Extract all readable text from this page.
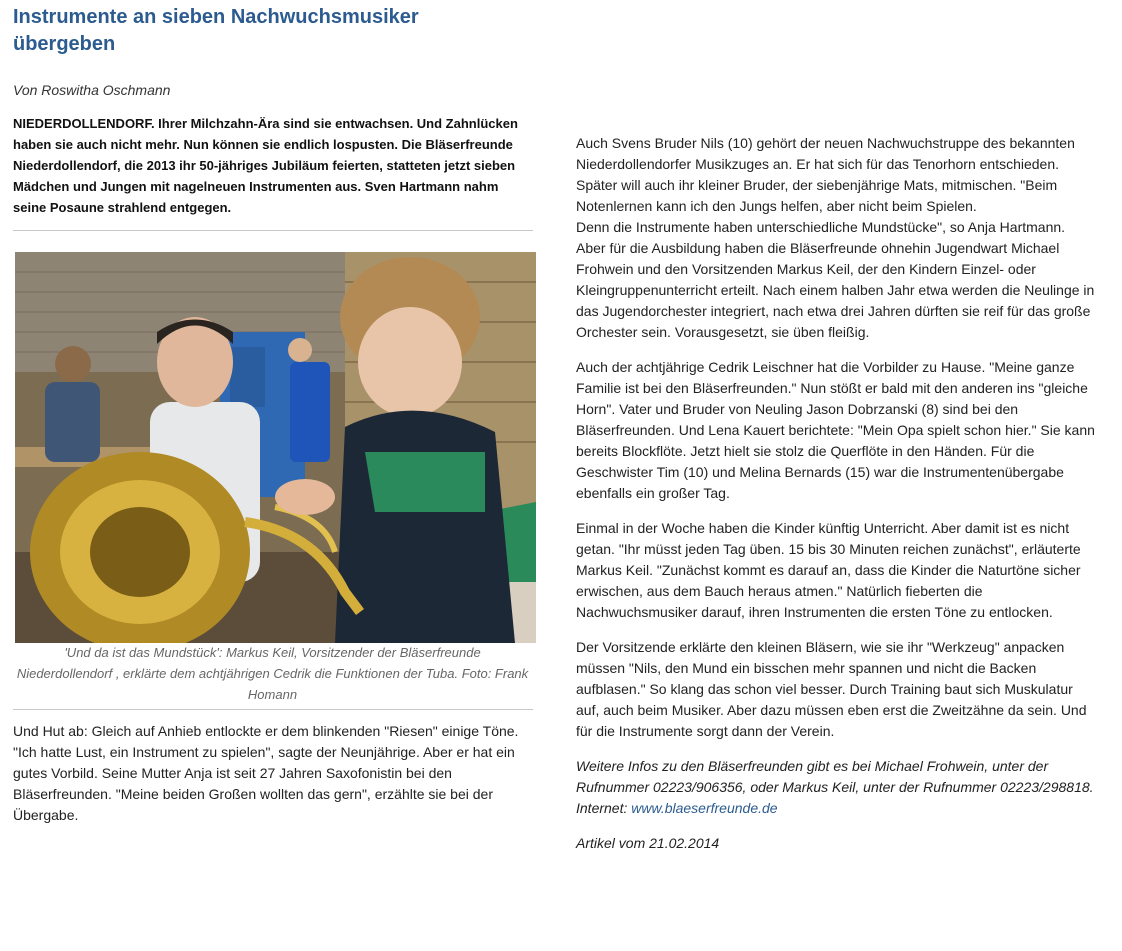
Instrumente an sieben Nachwuchsmusiker übergeben
Von Roswitha Oschmann

NIEDERDOLLENDORF. Ihrer Milchzahn-Ära sind sie entwachsen. Und Zahnlücken haben sie auch nicht mehr. Nun können sie endlich lospusten. Die Bläserfreunde Niederdollendorf, die 2013 ihr 50-jähriges Jubiläum feierten, statteten jetzt sieben Mädchen und Jungen mit nagelneuen Instrumenten aus. Sven Hartmann nahm seine Posaune strahlend entgegen.

'Und da ist das Mundstück': Markus Keil, Vorsitzender der Bläserfreunde Niederdollendorf , erklärte dem achtjährigen Cedrik die Funktionen der Tuba. Foto: Frank Homann

Und Hut ab: Gleich auf Anhieb entlockte er dem blinkenden "Riesen" einige Töne. "Ich hatte Lust, ein Instrument zu spielen", sagte der Neunjährige. Aber er hat ein gutes Vorbild. Seine Mutter Anja ist seit 27 Jahren Saxofonistin bei den Bläserfreunden. "Meine beiden Großen wollten das gern", erzählte sie bei der Übergabe.

Auch Svens Bruder Nils (10) gehört der neuen Nachwuchstruppe des bekannten Niederdollendorfer Musikzuges an. Er hat sich für das Tenorhorn entschieden. Später will auch ihr kleiner Bruder, der siebenjährige Mats, mitmischen. "Beim Notenlernen kann ich den Jungs helfen, aber nicht beim Spielen.

Denn die Instrumente haben unterschiedliche Mundstücke", so Anja Hartmann. Aber für die Ausbildung haben die Bläserfreunde ohnehin Jugendwart Michael Frohwein und den Vorsitzenden Markus Keil, der den Kindern Einzel- oder Kleingruppenunterricht erteilt. Nach einem halben Jahr etwa werden die Neulinge in das Jugendorchester integriert, nach etwa drei Jahren dürften sie reif für das große Orchester sein. Vorausgesetzt, sie üben fleißig.

Auch der achtjährige Cedrik Leischner hat die Vorbilder zu Hause. "Meine ganze Familie ist bei den Bläserfreunden." Nun stößt er bald mit den anderen ins "gleiche Horn". Vater und Bruder von Neuling Jason Dobrzanski (8) sind bei den Bläserfreunden. Und Lena Kauert berichtete: "Mein Opa spielt schon hier." Sie kann bereits Blockflöte. Jetzt hielt sie stolz die Querflöte in den Händen. Für die Geschwister Tim (10) und Melina Bernards (15) war die Instrumentenübergabe ebenfalls ein großer Tag.

Einmal in der Woche haben die Kinder künftig Unterricht. Aber damit ist es nicht getan. "Ihr müsst jeden Tag üben. 15 bis 30 Minuten reichen zunächst", erläuterte Markus Keil. "Zunächst kommt es darauf an, dass die Kinder die Naturtöne sicher erwischen, aus dem Bauch heraus atmen." Natürlich fieberten die Nachwuchsmusiker darauf, ihren Instrumenten die ersten Töne zu entlocken.

Der Vorsitzende erklärte den kleinen Bläsern, wie sie ihr "Werkzeug" anpacken müssen "Nils, den Mund ein bisschen mehr spannen und nicht die Backen aufblasen." So klang das schon viel besser. Durch Training baut sich Muskulatur auf, auch beim Musiker. Aber dazu müssen eben erst die Zweitzähne da sein. Und für die Instrumente sorgt dann der Verein.

Weitere Infos zu den Bläserfreunden gibt es bei Michael Frohwein, unter der Rufnummer 02223/906356, oder Markus Keil, unter der Rufnummer 02223/298818. Internet: www.blaeserfreunde.de

Artikel vom 21.02.2014
